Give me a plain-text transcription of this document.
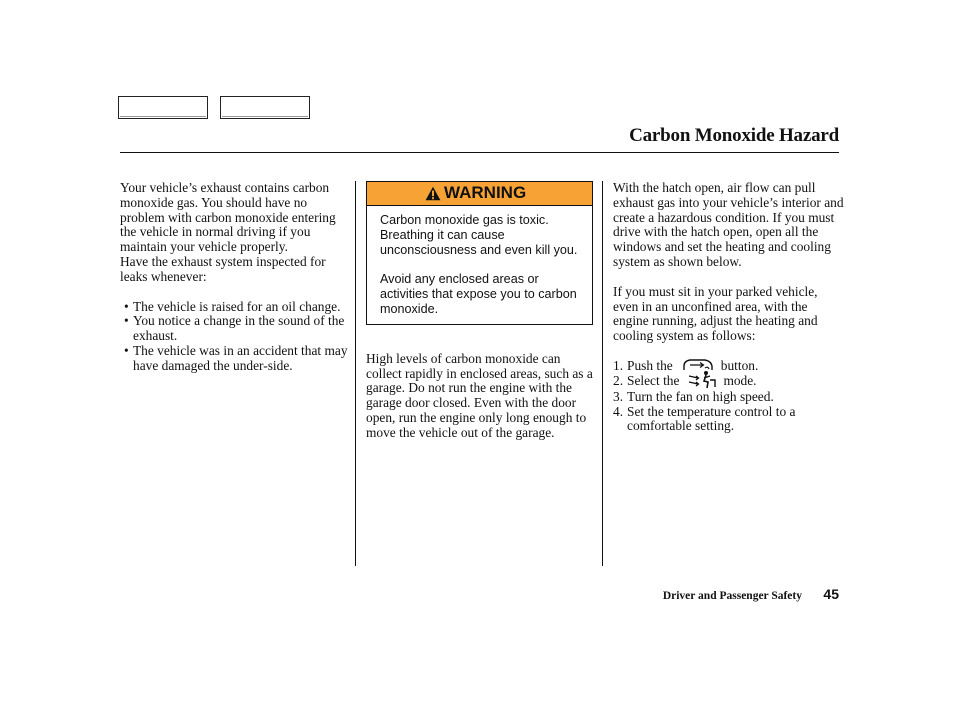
Carbon Monoxide Hazard

Your vehicle’s exhaust contains carbon monoxide gas. You should have no problem with carbon monoxide entering the vehicle in normal driving if you maintain your vehicle properly.

Have the exhaust system inspected for leaks whenever:

• The vehicle is raised for an oil change.
• You notice a change in the sound of the exhaust.
• The vehicle was in an accident that may have damaged the under-side.
WARNING

Carbon monoxide gas is toxic. Breathing it can cause unconsciousness and even kill you.

Avoid any enclosed areas or activities that expose you to carbon monoxide.

High levels of carbon monoxide can collect rapidly in enclosed areas, such as a garage. Do not run the engine with the garage door closed. Even with the door open, run the engine only long enough to move the vehicle out of the garage.

With the hatch open, air flow can pull exhaust gas into your vehicle’s interior and create a hazardous condition. If you must drive with the hatch open, open all the windows and set the heating and cooling system as shown below.

If you must sit in your parked vehicle, even in an unconfined area, with the engine running, adjust the heating and cooling system as follows:

1. Push the	button.
2. Select the	mode.
3. Turn the fan on high speed.
4. Set the temperature control to a comfortable setting.
Driver and Passenger Safety 45
